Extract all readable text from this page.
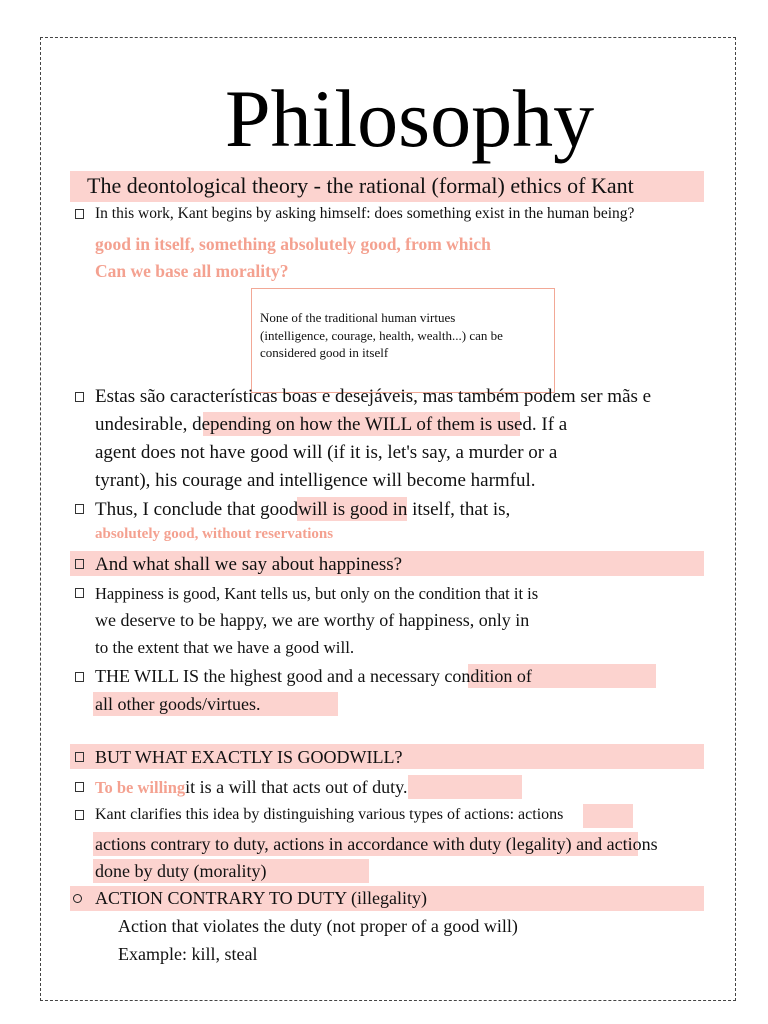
Philosophy
The deontological theory - the rational (formal) ethics of Kant
In this work, Kant begins by asking himself: does something exist in the human being?
good in itself, something absolutely good, from which
Can we base all morality?
None of the traditional human virtues
(intelligence, courage, health, wealth...) can be
considered good in itself
Estas são características boas e desejáveis, mas também podem ser mãs e
undesirable, depending on how the WILL of them is used. If a
agent does not have good will (if it is, let's say, a murder or a
tyrant), his courage and intelligence will become harmful.
Thus, I conclude that goodwill is good in itself, that is,
absolutely good, without reservations
And what shall we say about happiness?
Happiness is good, Kant tells us, but only on the condition that it is
we deserve to be happy, we are worthy of happiness, only in
to the extent that we have a good will.
THE WILL IS the highest good and a necessary condition of
all other goods/virtues.
BUT WHAT EXACTLY IS GOODWILL?
To be willingit is a will that acts out of duty.
Kant clarifies this idea by distinguishing various types of actions: actions
actions contrary to duty, actions in accordance with duty (legality) and actions
done by duty (morality)
ACTION CONTRARY TO DUTY (illegality)
Action that violates the duty (not proper of a good will)
Example: kill, steal
